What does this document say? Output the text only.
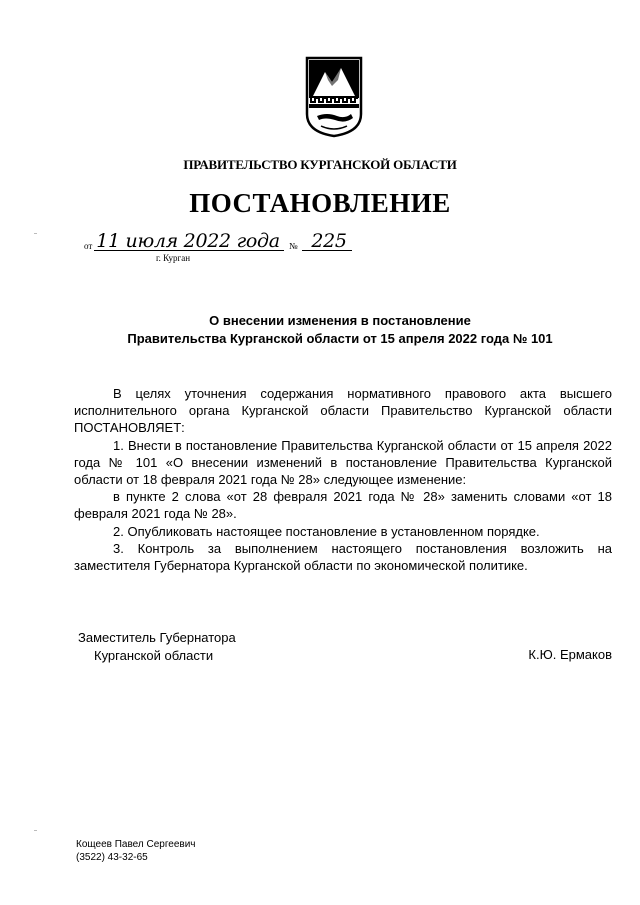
ПРАВИТЕЛЬСТВО КУРГАНСКОЙ ОБЛАСТИ
ПОСТАНОВЛЕНИЕ
от 11 июля 2022 года № 225
г. Курган
О внесении изменения в постановление
Правительства Курганской области от 15 апреля 2022 года № 101

В целях уточнения содержания нормативного правового акта высшего исполнительного органа Курганской области Правительство Курганской области ПОСТАНОВЛЯЕТ:

1. Внести в постановление Правительства Курганской области от 15 апреля 2022 года № 101 «О внесении изменений в постановление Правительства Курганской области от 18 февраля 2021 года № 28» следующее изменение:

в пункте 2 слова «от 28 февраля 2021 года № 28» заменить словами «от 18 февраля 2021 года № 28».

2. Опубликовать настоящее постановление в установленном порядке.

3. Контроль за выполнением настоящего постановления возложить на заместителя Губернатора Курганской области по экономической политике.

Заместитель Губернатора
Курганской области	К.Ю. Ермаков
Кощеев Павел Сергеевич
(3522) 43-32-65
